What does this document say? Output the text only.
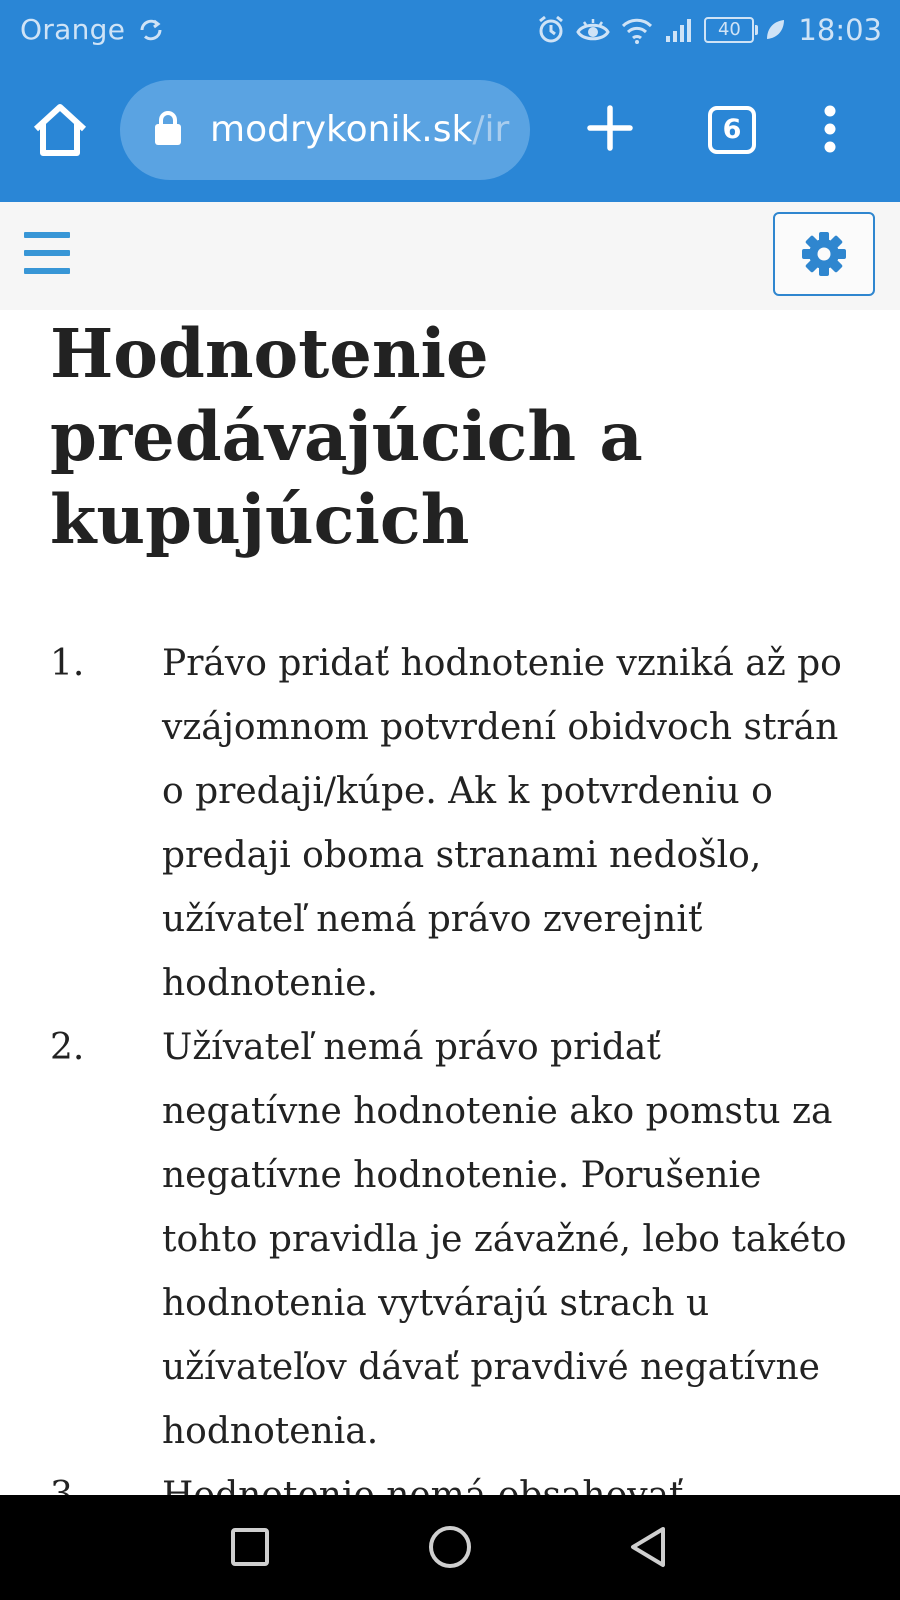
Orange	40	18:03
modrykonik.sk/ir	6
Hodnotenie predávajúcich a kupujúcich
1. Právo pridať hodnotenie vzniká až po vzájomnom potvrdení obidvoch strán o predaji/kúpe. Ak k potvrdeniu o predaji oboma stranami nedošlo, užívateľ nemá právo zverejniť hodnotenie.
2. Užívateľ nemá právo pridať negatívne hodnotenie ako pomstu za negatívne hodnotenie. Porušenie tohto pravidla je závažné, lebo takéto hodnotenia vytvárajú strach u užívateľov dávať pravdivé negatívne hodnotenia.
